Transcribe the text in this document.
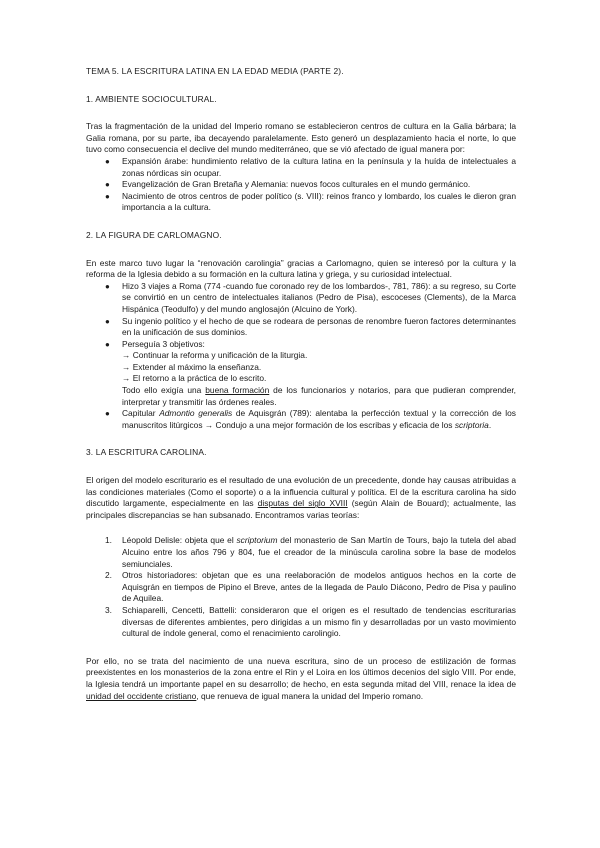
TEMA 5. LA ESCRITURA LATINA EN LA EDAD MEDIA (PARTE 2).

1. AMBIENTE SOCIOCULTURAL.

Tras la fragmentación de la unidad del Imperio romano se establecieron centros de cultura en la Galia bárbara; la Galia romana, por su parte, iba decayendo paralelamente. Esto generó un desplazamiento hacia el norte, lo que tuvo como consecuencia el declive del mundo mediterráneo, que se vió afectado de igual manera por:

● Expansión árabe: hundimiento relativo de la cultura latina en la península y la huída de intelectuales a zonas nórdicas sin ocupar.
● Evangelización de Gran Bretaña y Alemania: nuevos focos culturales en el mundo germánico.
● Nacimiento de otros centros de poder político (s. VIII): reinos franco y lombardo, los cuales le dieron gran importancia a la cultura.

2. LA FIGURA DE CARLOMAGNO.

En este marco tuvo lugar la “renovación carolingia” gracias a Carlomagno, quien se interesó por la cultura y la reforma de la Iglesia debido a su formación en la cultura latina y griega, y su curiosidad intelectual.

● Hizo 3 viajes a Roma (774 -cuando fue coronado rey de los lombardos-, 781, 786): a su regreso, su Corte se convirtió en un centro de intelectuales italianos (Pedro de Pisa), escoceses (Clements), de la Marca Hispánica (Teodulfo) y del mundo anglosajón (Alcuino de York).
● Su ingenio político y el hecho de que se rodeara de personas de renombre fueron factores determinantes en la unificación de sus dominios.
● Perseguía 3 objetivos:
→ Continuar la reforma y unificación de la liturgia.
→ Extender al máximo la enseñanza.
→ El retorno a la práctica de lo escrito.
Todo ello exigía una buena formación de los funcionarios y notarios, para que pudieran comprender, interpretar y transmitir las órdenes reales.
● Capitular Admontio generalis de Aquisgrán (789): alentaba la perfección textual y la corrección de los manuscritos litúrgicos → Condujo a una mejor formación de los escribas y eficacia de los scriptoria.

3. LA ESCRITURA CAROLINA.

El origen del modelo escriturario es el resultado de una evolución de un precedente, donde hay causas atribuidas a las condiciones materiales (Como el soporte) o a la influencia cultural y política. El de la escritura carolina ha sido discutido largamente, especialmente en las disputas del siglo XVIII (según Alain de Bouard); actualmente, las principales discrepancias se han subsanado. Encontramos varias teorías:

1. Léopold Delisle: objeta que el scriptorium del monasterio de San Martín de Tours, bajo la tutela del abad Alcuino entre los años 796 y 804, fue el creador de la minúscula carolina sobre la base de modelos semiunciales.
2. Otros historiadores: objetan que es una reelaboración de modelos antiguos hechos en la corte de Aquisgrán en tiempos de Pipino el Breve, antes de la llegada de Paulo Diácono, Pedro de Pisa y paulino de Aquilea.
3. Schiaparelli, Cencetti, Battelli: consideraron que el origen es el resultado de tendencias escriturarias diversas de diferentes ambientes, pero dirigidas a un mismo fin y desarrolladas por un vasto movimiento cultural de índole general, como el renacimiento carolingio.

Por ello, no se trata del nacimiento de una nueva escritura, sino de un proceso de estilización de formas preexistentes en los monasterios de la zona entre el Rin y el Loira en los últimos decenios del siglo VIII. Por ende, la Iglesia tendrá un importante papel en su desarrollo; de hecho, en esta segunda mitad del VIII, renace la idea de unidad del occidente cristiano, que renueva de igual manera la unidad del Imperio romano.
